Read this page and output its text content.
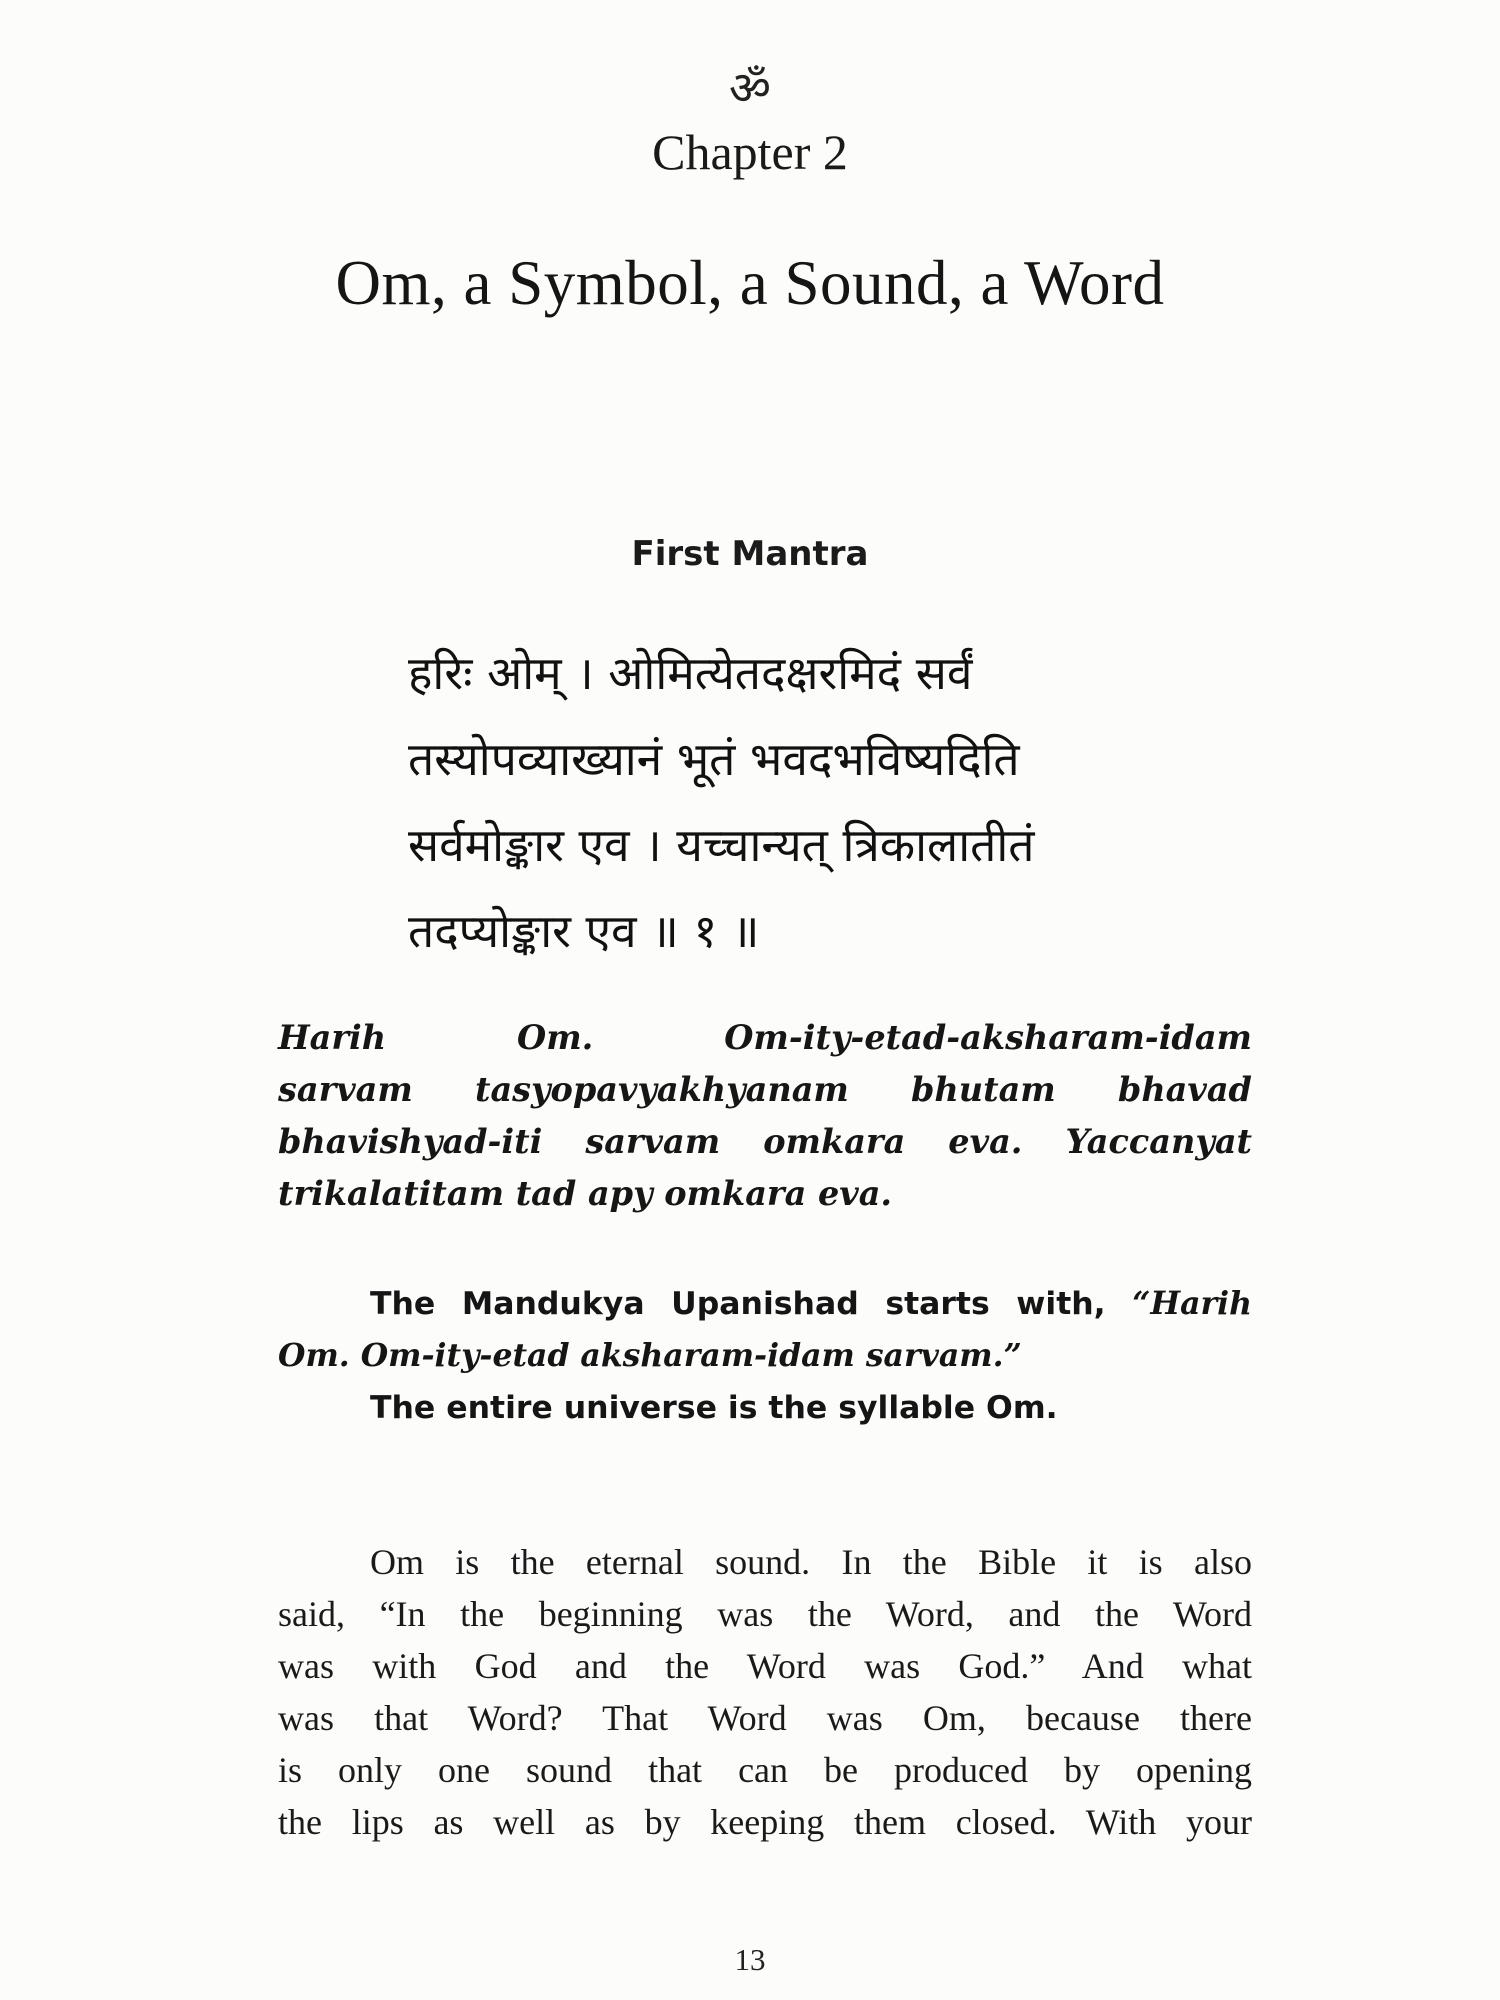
ॐ
Chapter 2
Om, a Symbol, a Sound, a Word
First Mantra
हरिः ओम् । ओमित्येतदक्षरमिदं सर्वं
तस्योपव्याख्यानं भूतं भवदभविष्यदिति
सर्वमोङ्कार एव । यच्चान्यत् त्रिकालातीतं
तदप्योङ्कार एव ॥ १ ॥
Harih Om. Om-ity-etad-aksharam-idam
sarvam tasyopavyakhyanam bhutam bhavad
bhavishyad-iti sarvam omkara eva. Yaccanyat
trikalatitam tad apy omkara eva.
The Mandukya Upanishad starts with, “Harih
Om. Om-ity-etad aksharam-idam sarvam.”
The entire universe is the syllable Om.
Om is the eternal sound. In the Bible it is also
said, “In the beginning was the Word, and the Word
was with God and the Word was God.” And what
was that Word? That Word was Om, because there
is only one sound that can be produced by opening
the lips as well as by keeping them closed. With your
13
